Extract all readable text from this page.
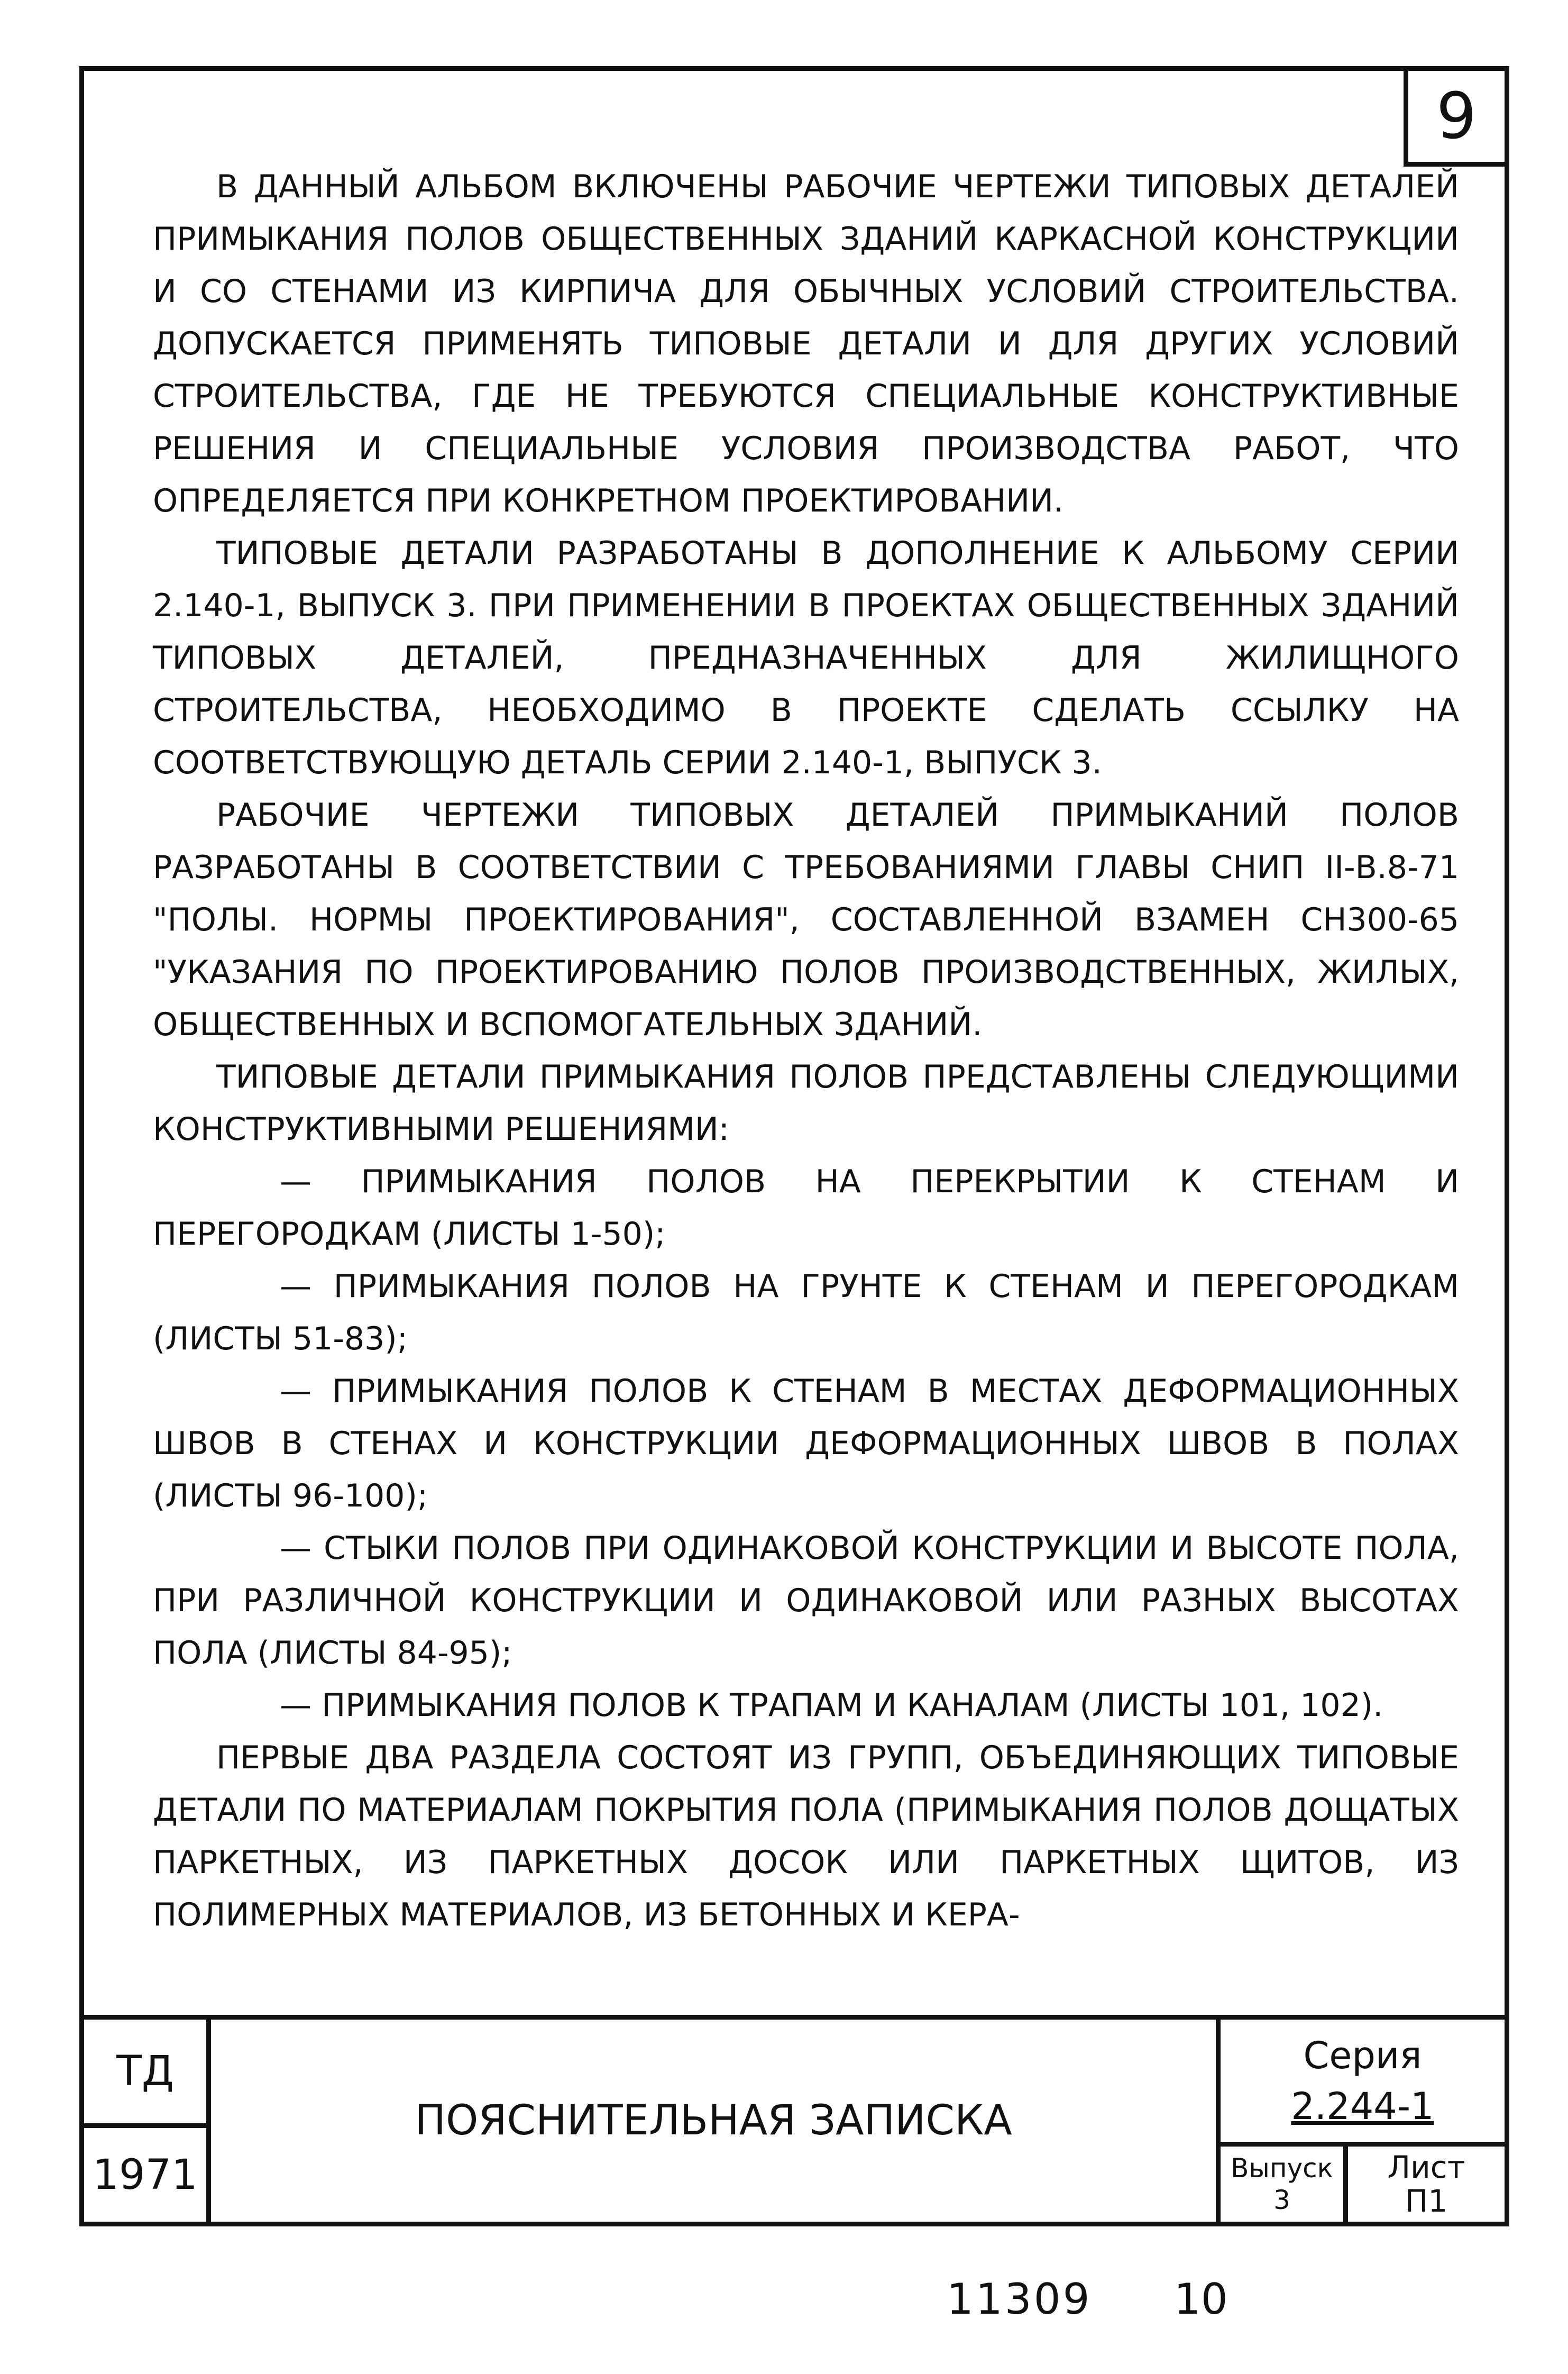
9

В ДАННЫЙ АЛЬБОМ ВКЛЮЧЕНЫ РАБОЧИЕ ЧЕРТЕЖИ ТИПОВЫХ ДЕТАЛЕЙ ПРИМЫКАНИЯ ПОЛОВ ОБЩЕСТВЕННЫХ ЗДАНИЙ КАРКАСНОЙ КОНСТРУКЦИИ И СО СТЕНАМИ ИЗ КИРПИЧА ДЛЯ ОБЫЧНЫХ УСЛОВИЙ СТРОИТЕЛЬСТВА. ДОПУСКАЕТСЯ ПРИМЕНЯТЬ ТИПОВЫЕ ДЕТАЛИ И ДЛЯ ДРУГИХ УСЛОВИЙ СТРОИТЕЛЬСТВА, ГДЕ НЕ ТРЕБУЮТСЯ СПЕЦИАЛЬНЫЕ КОНСТРУКТИВНЫЕ РЕШЕНИЯ И СПЕЦИАЛЬНЫЕ УСЛОВИЯ ПРОИЗВОДСТВА РАБОТ, ЧТО ОПРЕДЕЛЯЕТСЯ ПРИ КОНКРЕТНОМ ПРОЕКТИРОВАНИИ.

ТИПОВЫЕ ДЕТАЛИ РАЗРАБОТАНЫ В ДОПОЛНЕНИЕ К АЛЬБОМУ СЕРИИ 2.140-1, ВЫПУСК 3. ПРИ ПРИМЕНЕНИИ В ПРОЕКТАХ ОБЩЕСТВЕННЫХ ЗДАНИЙ ТИПОВЫХ ДЕТАЛЕЙ, ПРЕДНАЗНАЧЕННЫХ ДЛЯ ЖИЛИЩНОГО СТРОИТЕЛЬСТВА, НЕОБХОДИМО В ПРОЕКТЕ СДЕЛАТЬ ССЫЛКУ НА СООТВЕТСТВУЮЩУЮ ДЕТАЛЬ СЕРИИ 2.140-1, ВЫПУСК 3.

РАБОЧИЕ ЧЕРТЕЖИ ТИПОВЫХ ДЕТАЛЕЙ ПРИМЫКАНИЙ ПОЛОВ РАЗРАБОТАНЫ В СООТВЕТСТВИИ С ТРЕБОВАНИЯМИ ГЛАВЫ СНИП II-В.8-71 "ПОЛЫ. НОРМЫ ПРОЕКТИРОВАНИЯ", СОСТАВЛЕННОЙ ВЗАМЕН СН300-65 "УКАЗАНИЯ ПО ПРОЕКТИРОВАНИЮ ПОЛОВ ПРОИЗВОДСТВЕННЫХ, ЖИЛЫХ, ОБЩЕСТВЕННЫХ И ВСПОМОГАТЕЛЬНЫХ ЗДАНИЙ.

ТИПОВЫЕ ДЕТАЛИ ПРИМЫКАНИЯ ПОЛОВ ПРЕДСТАВЛЕНЫ СЛЕДУЮЩИМИ КОНСТРУКТИВНЫМИ РЕШЕНИЯМИ:

— ПРИМЫКАНИЯ ПОЛОВ НА ПЕРЕКРЫТИИ К СТЕНАМ И ПЕРЕГОРОДКАМ (ЛИСТЫ 1-50);

— ПРИМЫКАНИЯ ПОЛОВ НА ГРУНТЕ К СТЕНАМ И ПЕРЕГОРОДКАМ (ЛИСТЫ 51-83);

— ПРИМЫКАНИЯ ПОЛОВ К СТЕНАМ В МЕСТАХ ДЕФОРМАЦИОННЫХ ШВОВ В СТЕНАХ И КОНСТРУКЦИИ ДЕФОРМАЦИОННЫХ ШВОВ В ПОЛАХ (ЛИСТЫ 96-100);

— СТЫКИ ПОЛОВ ПРИ ОДИНАКОВОЙ КОНСТРУКЦИИ И ВЫСОТЕ ПОЛА, ПРИ РАЗЛИЧНОЙ КОНСТРУКЦИИ И ОДИНАКОВОЙ ИЛИ РАЗНЫХ ВЫСОТАХ ПОЛА (ЛИСТЫ 84-95);

— ПРИМЫКАНИЯ ПОЛОВ К ТРАПАМ И КАНАЛАМ (ЛИСТЫ 101, 102).

ПЕРВЫЕ ДВА РАЗДЕЛА СОСТОЯТ ИЗ ГРУПП, ОБЪЕДИНЯЮЩИХ ТИПОВЫЕ ДЕТАЛИ ПО МАТЕРИАЛАМ ПОКРЫТИЯ ПОЛА (ПРИМЫКАНИЯ ПОЛОВ ДОЩАТЫХ ПАРКЕТНЫХ, ИЗ ПАРКЕТНЫХ ДОСОК ИЛИ ПАРКЕТНЫХ ЩИТОВ, ИЗ ПОЛИМЕРНЫХ МАТЕРИАЛОВ, ИЗ БЕТОННЫХ И КЕРА-

ТД
1971
ПОЯСНИТЕЛЬНАЯ ЗАПИСКА
Серия
2.244-1
Выпуск
3
Лист
П1
11309 10
